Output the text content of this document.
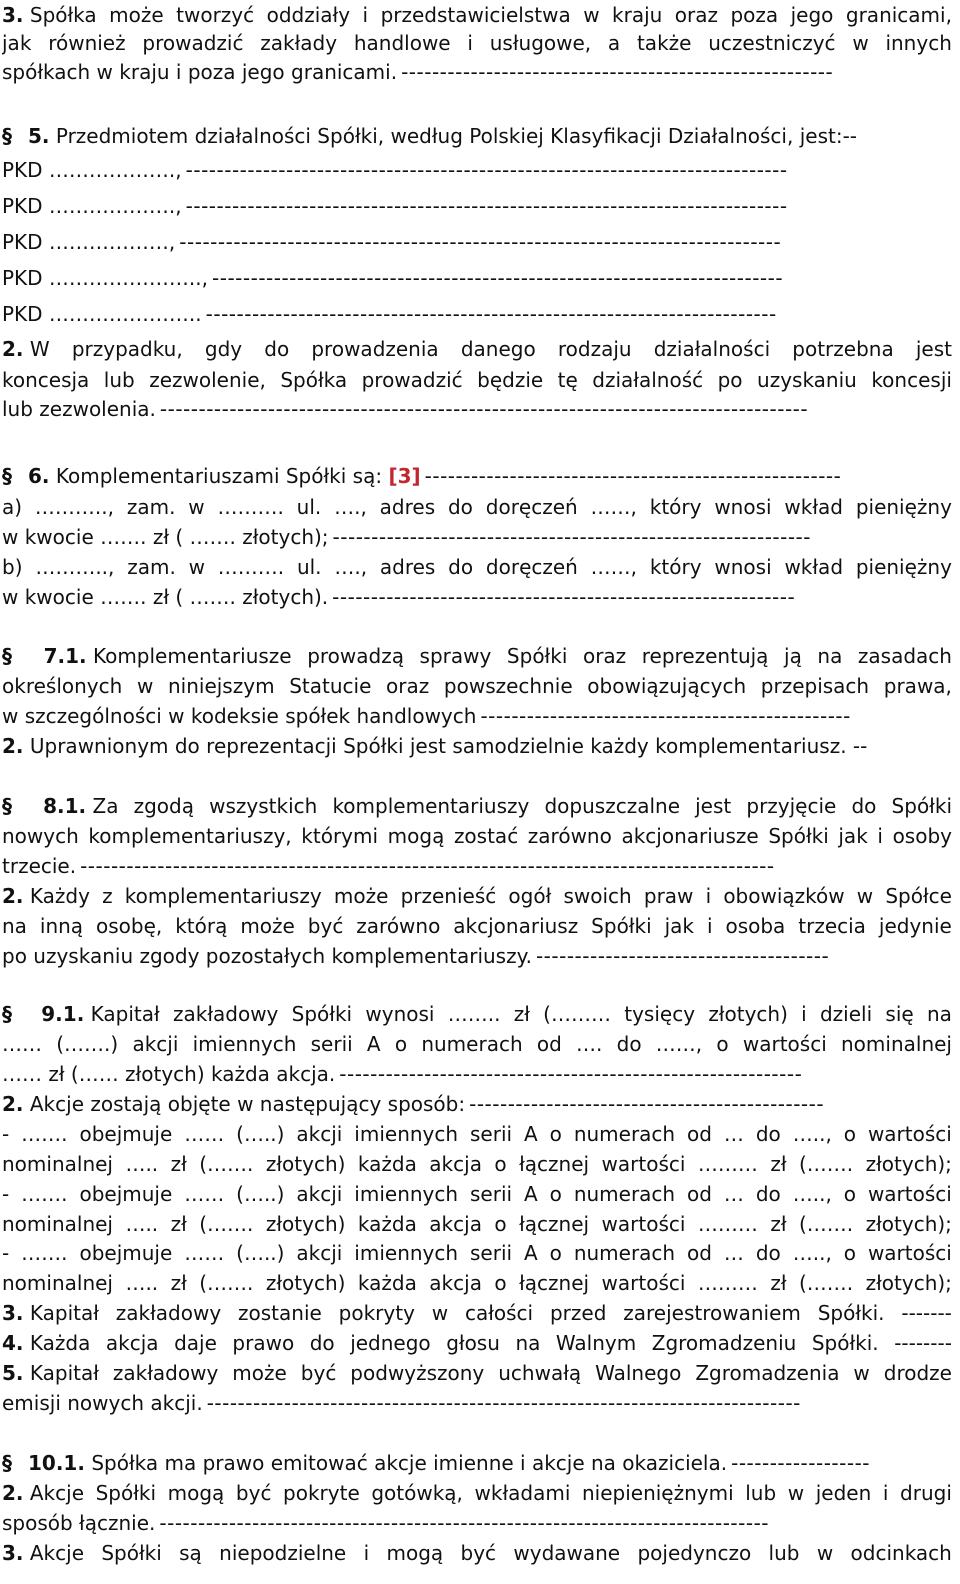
3. Spółka może tworzyć oddziały i przedstawicielstwa w kraju oraz poza jego granicami,
jak również prowadzić zakłady handlowe i usługowe, a także uczestniczyć w innych
spółkach w kraju i poza jego granicami. --------------------------------------------------------
§ 5. Przedmiotem działalności Spółki, według Polskiej Klasyfikacji Działalności, jest:--
PKD ………………., ------------------------------------------------------------------------------
PKD ………………., ------------------------------------------------------------------------------
PKD ………………, ------------------------------------------------------------------------------
PKD ………………….., --------------------------------------------------------------------------
PKD ………………….. --------------------------------------------------------------------------
2. W przypadku, gdy do prowadzenia danego rodzaju działalności potrzebna jest
koncesja lub zezwolenie, Spółka prowadzić będzie tę działalność po uzyskaniu koncesji
lub zezwolenia. ------------------------------------------------------------------------------------
§ 6. Komplementariuszami Spółki są: [3] ------------------------------------------------------
a) ……….., zam. w ………. ul. …., adres do doręczeń ……, który wnosi wkład pieniężny
w kwocie ……. zł ( ……. złotych); --------------------------------------------------------------
b) ……….., zam. w ………. ul. …., adres do doręczeń ……, który wnosi wkład pieniężny
w kwocie ……. zł ( ……. złotych). ------------------------------------------------------------
§ 7.1. Komplementariusze prowadzą sprawy Spółki oraz reprezentują ją na zasadach
określonych w niniejszym Statucie oraz powszechnie obowiązujących przepisach prawa,
w szczególności w kodeksie spółek handlowych ------------------------------------------------
2. Uprawnionym do reprezentacji Spółki jest samodzielnie każdy komplementariusz. --
§ 8.1. Za zgodą wszystkich komplementariuszy dopuszczalne jest przyjęcie do Spółki
nowych komplementariuszy, którymi mogą zostać zarówno akcjonariusze Spółki jak i osoby
trzecie. ------------------------------------------------------------------------------------------
2. Każdy z komplementariuszy może przenieść ogół swoich praw i obowiązków w Spółce
na inną osobę, którą może być zarówno akcjonariusz Spółki jak i osoba trzecia jedynie
po uzyskaniu zgody pozostałych komplementariuszy. --------------------------------------
§ 9.1. Kapitał zakładowy Spółki wynosi …….. zł (……… tysięcy złotych) i dzieli się na
…… (…….) akcji imiennych serii A o numerach od …. do ……, o wartości nominalnej
…… zł (…… złotych) każda akcja. ------------------------------------------------------------
2. Akcje zostają objęte w następujący sposób: ----------------------------------------------
- ……. obejmuje …… (…..) akcji imiennych serii A o numerach od … do ….., o wartości
nominalnej ….. zł (……. złotych) każda akcja o łącznej wartości ……… zł (……. złotych);
- ……. obejmuje …… (…..) akcji imiennych serii A o numerach od … do ….., o wartości
nominalnej ….. zł (……. złotych) każda akcja o łącznej wartości ……… zł (……. złotych);
- ……. obejmuje …… (…..) akcji imiennych serii A o numerach od … do ….., o wartości
nominalnej ….. zł (……. złotych) każda akcja o łącznej wartości ……… zł (……. złotych);
3. Kapitał zakładowy zostanie pokryty w całości przed zarejestrowaniem Spółki. -------
4. Każda akcja daje prawo do jednego głosu na Walnym Zgromadzeniu Spółki. --------
5. Kapitał zakładowy może być podwyższony uchwałą Walnego Zgromadzenia w drodze
emisji nowych akcji. -----------------------------------------------------------------------------
§ 10.1. Spółka ma prawo emitować akcje imienne i akcje na okaziciela. ------------------
2. Akcje Spółki mogą być pokryte gotówką, wkładami niepieniężnymi lub w jeden i drugi
sposób łącznie. -------------------------------------------------------------------------------
3. Akcje Spółki są niepodzielne i mogą być wydawane pojedynczo lub w odcinkach
